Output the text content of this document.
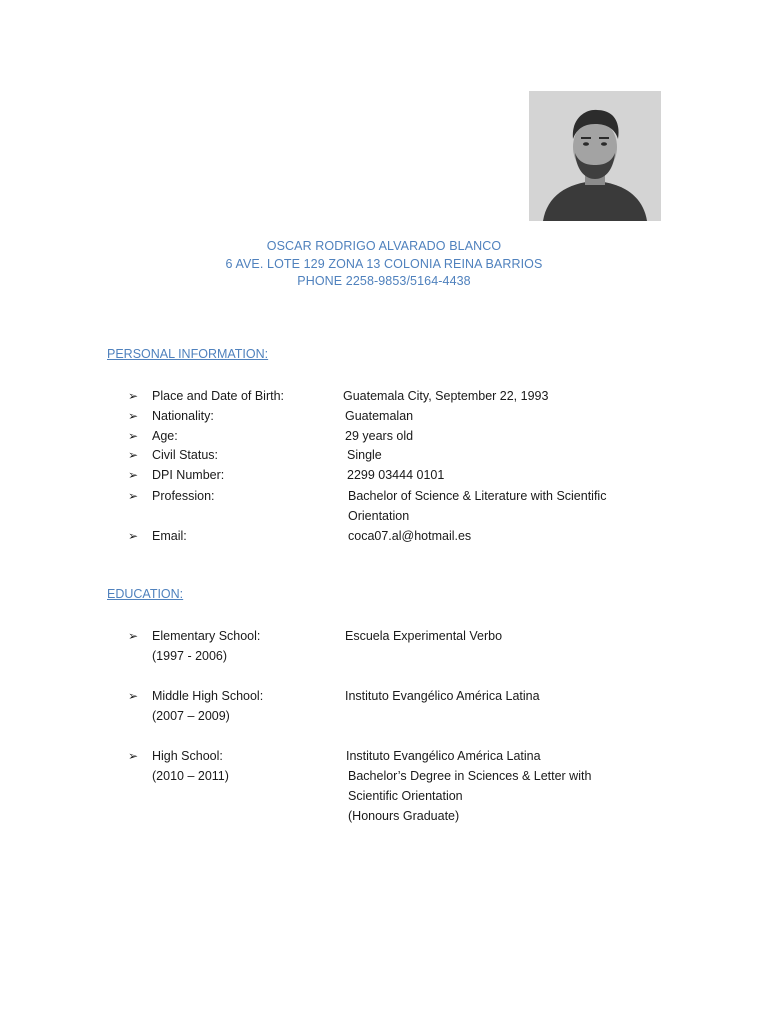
OSCAR RODRIGO ALVARADO BLANCO
6 AVE. LOTE 129 ZONA 13 COLONIA REINA BARRIOS
PHONE 2258-9853/5164-4438
PERSONAL INFORMATION:
➢ Place and Date of Birth:	Guatemala City, September 22, 1993
➢ Nationality:	Guatemalan
➢ Age:	29 years old
➢ Civil Status:	Single
➢ DPI Number:	2299 03444 0101
➢ Profession:	Bachelor of Science & Literature with Scientific
Orientation
➢ Email:	coca07.al@hotmail.es
EDUCATION:
➢ Elementary School:	Escuela Experimental Verbo
(1997 - 2006)
➢ Middle High School:	Instituto Evangélico América Latina
(2007 – 2009)
➢ High School:	Instituto Evangélico América Latina
(2010 – 2011)	Bachelor’s Degree in Sciences & Letter with
Scientific Orientation
(Honours Graduate)
